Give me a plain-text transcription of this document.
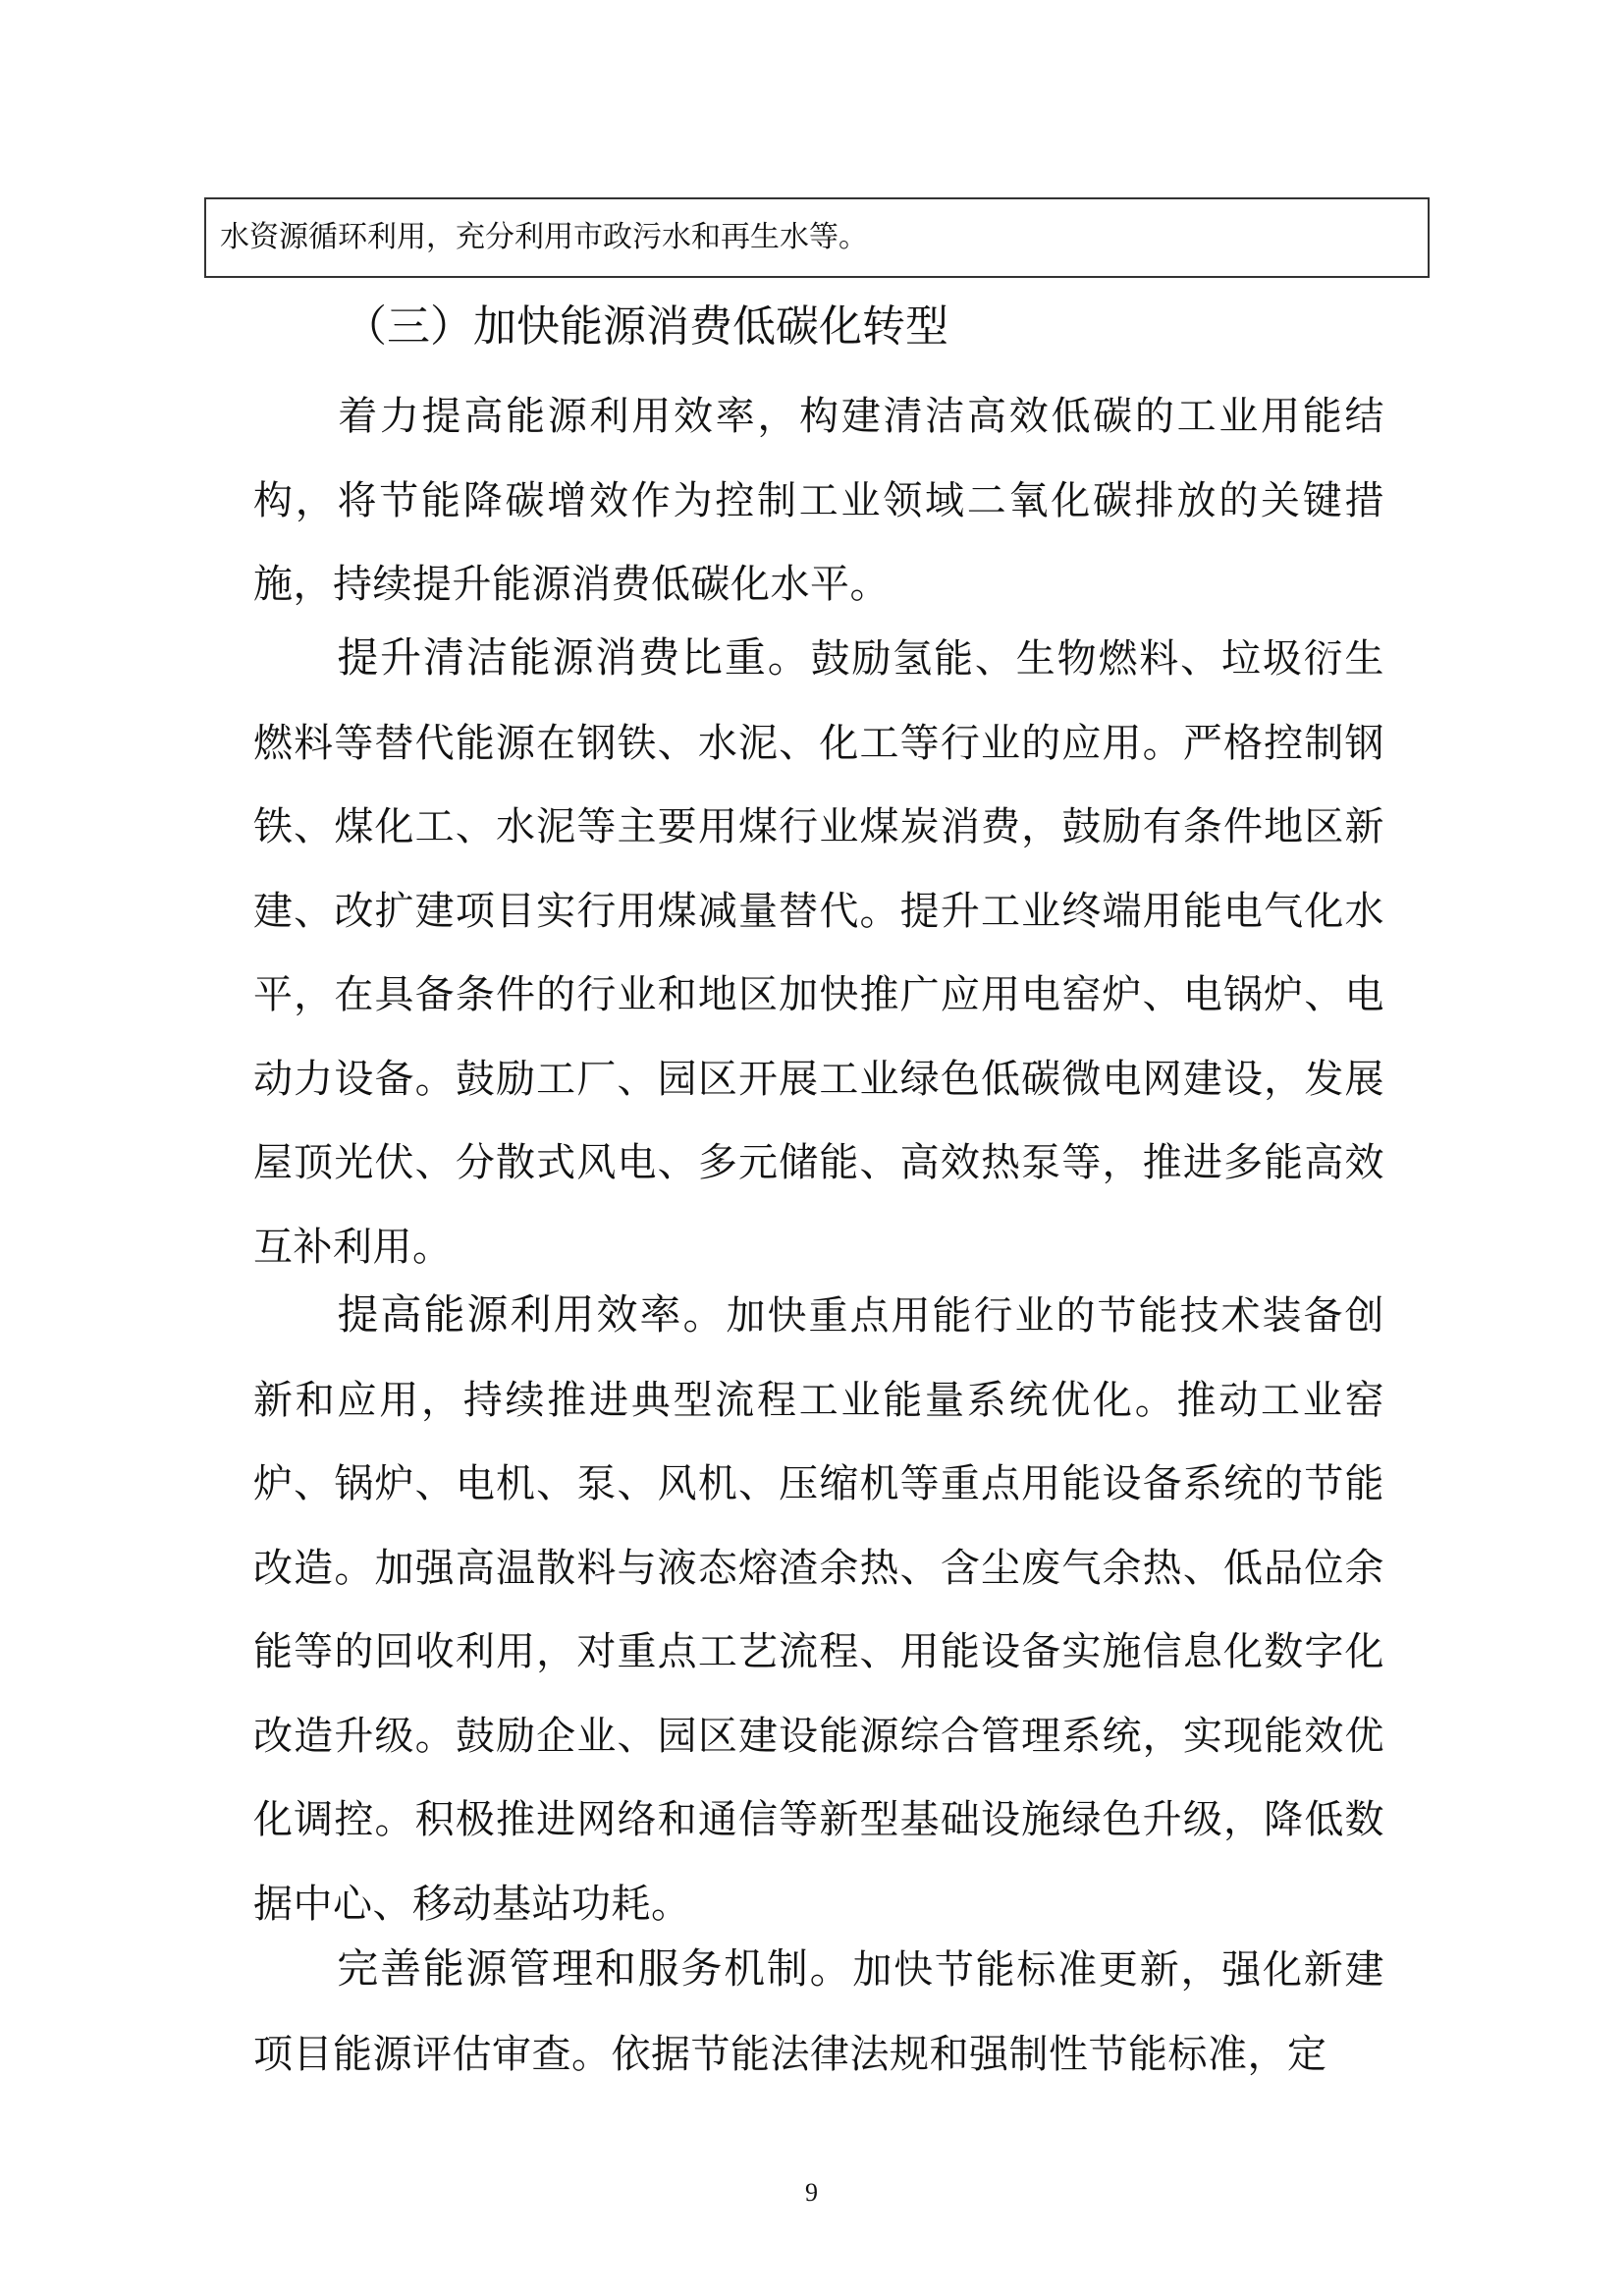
水资源循环利用，充分利用市政污水和再生水等。
（三）加快能源消费低碳化转型
着力提高能源利用效率，构建清洁高效低碳的工业用能结构，将节能降碳增效作为控制工业领域二氧化碳排放的关键措施，持续提升能源消费低碳化水平。
提升清洁能源消费比重。鼓励氢能、生物燃料、垃圾衍生燃料等替代能源在钢铁、水泥、化工等行业的应用。严格控制钢铁、煤化工、水泥等主要用煤行业煤炭消费，鼓励有条件地区新建、改扩建项目实行用煤减量替代。提升工业终端用能电气化水平，在具备条件的行业和地区加快推广应用电窑炉、电锅炉、电动力设备。鼓励工厂、园区开展工业绿色低碳微电网建设，发展屋顶光伏、分散式风电、多元储能、高效热泵等，推进多能高效互补利用。
提高能源利用效率。加快重点用能行业的节能技术装备创新和应用，持续推进典型流程工业能量系统优化。推动工业窑炉、锅炉、电机、泵、风机、压缩机等重点用能设备系统的节能改造。加强高温散料与液态熔渣余热、含尘废气余热、低品位余能等的回收利用，对重点工艺流程、用能设备实施信息化数字化改造升级。鼓励企业、园区建设能源综合管理系统，实现能效优化调控。积极推进网络和通信等新型基础设施绿色升级，降低数据中心、移动基站功耗。
完善能源管理和服务机制。加快节能标准更新，强化新建项目能源评估审查。依据节能法律法规和强制性节能标准，定
9
